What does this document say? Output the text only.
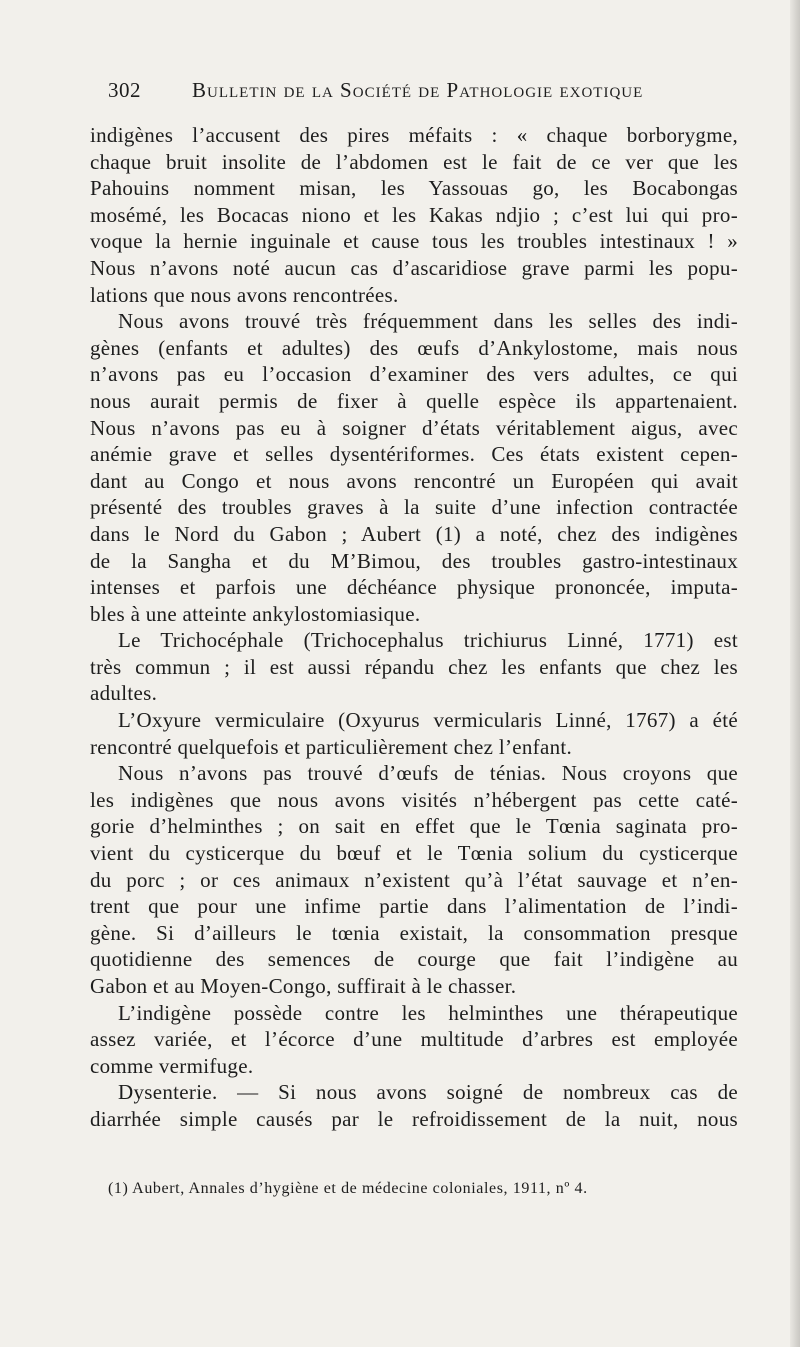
302 Bulletin de la Société de Pathologie exotique
indigènes l’accusent des pires méfaits : « chaque borborygme,
chaque bruit insolite de l’abdomen est le fait de ce ver que les
Pahouins nomment misan, les Yassouas go, les Bocabongas
mosémé, les Bocacas niono et les Kakas ndjio ; c’est lui qui pro-
voque la hernie inguinale et cause tous les troubles intestinaux ! »
Nous n’avons noté aucun cas d’ascaridiose grave parmi les popu-
lations que nous avons rencontrées.
Nous avons trouvé très fréquemment dans les selles des indi-
gènes (enfants et adultes) des œufs d’Ankylostome, mais nous
n’avons pas eu l’occasion d’examiner des vers adultes, ce qui
nous aurait permis de fixer à quelle espèce ils appartenaient.
Nous n’avons pas eu à soigner d’états véritablement aigus, avec
anémie grave et selles dysentériformes. Ces états existent cepen-
dant au Congo et nous avons rencontré un Européen qui avait
présenté des troubles graves à la suite d’une infection contractée
dans le Nord du Gabon ; Aubert (1) a noté, chez des indigènes
de la Sangha et du M’Bimou, des troubles gastro-intestinaux
intenses et parfois une déchéance physique prononcée, imputa-
bles à une atteinte ankylostomiasique.
Le Trichocéphale (Trichocephalus trichiurus Linné, 1771) est
très commun ; il est aussi répandu chez les enfants que chez les
adultes.
L’Oxyure vermiculaire (Oxyurus vermicularis Linné, 1767) a été
rencontré quelquefois et particulièrement chez l’enfant.
Nous n’avons pas trouvé d’œufs de ténias. Nous croyons que
les indigènes que nous avons visités n’hébergent pas cette caté-
gorie d’helminthes ; on sait en effet que le Tœnia saginata pro-
vient du cysticerque du bœuf et le Tœnia solium du cysticerque
du porc ; or ces animaux n’existent qu’à l’état sauvage et n’en-
trent que pour une infime partie dans l’alimentation de l’indi-
gène. Si d’ailleurs le tœnia existait, la consommation presque
quotidienne des semences de courge que fait l’indigène au
Gabon et au Moyen-Congo, suffirait à le chasser.
L’indigène possède contre les helminthes une thérapeutique
assez variée, et l’écorce d’une multitude d’arbres est employée
comme vermifuge.
Dysenterie. — Si nous avons soigné de nombreux cas de
diarrhée simple causés par le refroidissement de la nuit, nous
(1) Aubert, Annales d’hygiène et de médecine coloniales, 1911, nº 4.
